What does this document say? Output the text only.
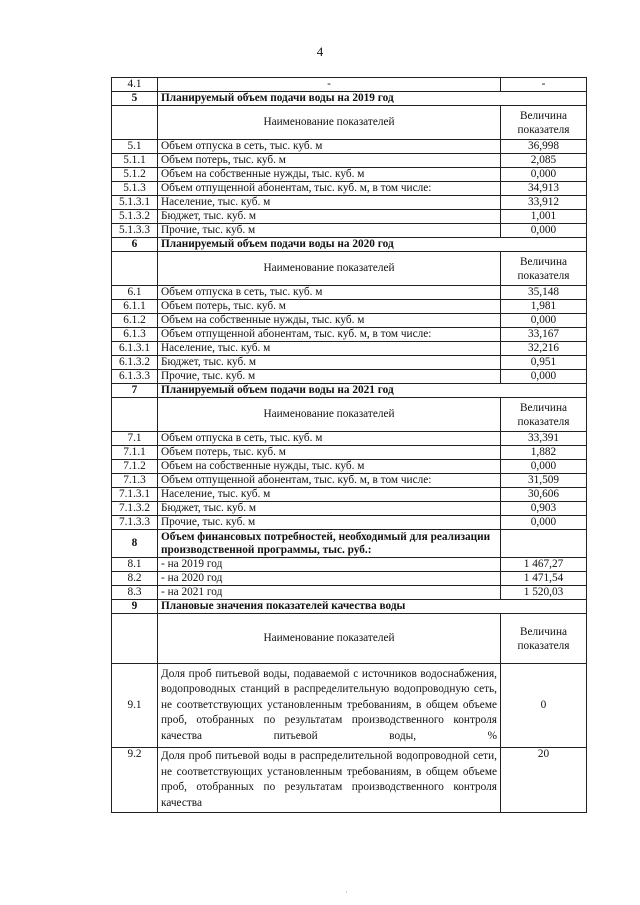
4
4.1	-	-
5	Планируемый объем подачи воды на 2019 год	
	Наименование показателей	Величина показателя
5.1	Объем отпуска в сеть, тыс. куб. м	36,998
5.1.1	Объем потерь, тыс. куб. м	2,085
5.1.2	Объем на собственные нужды, тыс. куб. м	0,000
5.1.3	Объем отпущенной абонентам, тыс. куб. м, в том числе:	34,913
5.1.3.1	Население, тыс. куб. м	33,912
5.1.3.2	Бюджет, тыс. куб. м	1,001
5.1.3.3	Прочие, тыс. куб. м	0,000
6	Планируемый объем подачи воды на 2020 год	
	Наименование показателей	Величина показателя
6.1	Объем отпуска в сеть, тыс. куб. м	35,148
6.1.1	Объем потерь, тыс. куб. м	1,981
6.1.2	Объем на собственные нужды, тыс. куб. м	0,000
6.1.3	Объем отпущенной абонентам, тыс. куб. м, в том числе:	33,167
6.1.3.1	Население, тыс. куб. м	32,216
6.1.3.2	Бюджет, тыс. куб. м	0,951
6.1.3.3	Прочие, тыс. куб. м	0,000
7	Планируемый объем подачи воды на 2021 год	
	Наименование показателей	Величина показателя
7.1	Объем отпуска в сеть, тыс. куб. м	33,391
7.1.1	Объем потерь, тыс. куб. м	1,882
7.1.2	Объем на собственные нужды, тыс. куб. м	0,000
7.1.3	Объем отпущенной абонентам, тыс. куб. м, в том числе:	31,509
7.1.3.1	Население, тыс. куб. м	30,606
7.1.3.2	Бюджет, тыс. куб. м	0,903
7.1.3.3	Прочие, тыс. куб. м	0,000
8	Объем финансовых потребностей, необходимый для реализации производственной программы, тыс. руб.:	
8.1	- на 2019 год	1 467,27
8.2	- на 2020 год	1 471,54
8.3	- на 2021 год	1 520,03
9	Плановые значения показателей качества воды	
	Наименование показателей	Величина показателя
9.1	Доля проб питьевой воды, подаваемой с источников водоснабжения, водопроводных станций в распределительную водопроводную сеть, не соответствующих установленным требованиям, в общем объеме проб, отобранных по результатам производственного контроля качества питьевой воды, %	0
9.2	Доля проб питьевой воды в распределительной водопроводной сети, не соответствующих установленным требованиям, в общем объеме проб, отобранных по результатам производственного контроля качества	20
·
